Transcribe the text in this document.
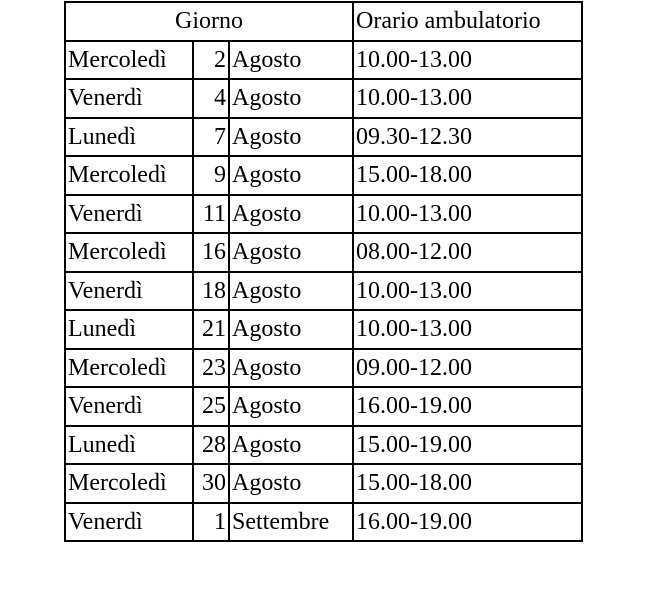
Giorno			Orario ambulatorio
Mercoledì	2	Agosto	10.00-13.00
Venerdì	4	Agosto	10.00-13.00
Lunedì	7	Agosto	09.30-12.30
Mercoledì	9	Agosto	15.00-18.00
Venerdì	11	Agosto	10.00-13.00
Mercoledì	16	Agosto	08.00-12.00
Venerdì	18	Agosto	10.00-13.00
Lunedì	21	Agosto	10.00-13.00
Mercoledì	23	Agosto	09.00-12.00
Venerdì	25	Agosto	16.00-19.00
Lunedì	28	Agosto	15.00-19.00
Mercoledì	30	Agosto	15.00-18.00
Venerdì	1	Settembre	16.00-19.00
